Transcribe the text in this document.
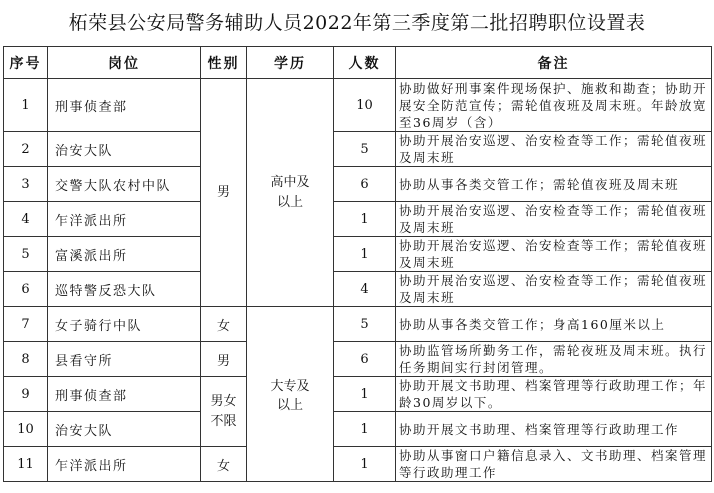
柘荣县公安局警务辅助人员2022年第三季度第二批招聘职位设置表
序号	岗位	性别	学历	人数	备注
1	刑事侦查部	男	高中及以上	10	协助做好刑事案件现场保护、施救和勘查；协助开展安全防范宣传；需轮值夜班及周末班。年龄放宽至36周岁（含）
2	治安大队			5	协助开展治安巡逻、治安检查等工作；需轮值夜班及周末班
3	交警大队农村中队			6	协助从事各类交管工作；需轮值夜班及周末班
4	乍洋派出所			1	协助开展治安巡逻、治安检查等工作；需轮值夜班及周末班
5	富溪派出所			1	协助开展治安巡逻、治安检查等工作；需轮值夜班及周末班
6	巡特警反恐大队			4	协助开展治安巡逻、治安检查等工作；需轮值夜班及周末班
7	女子骑行中队	女	大专及以上	5	协助从事各类交管工作；身高160厘米以上
8	县看守所	男		6	协助监管场所勤务工作，需轮夜班及周末班。执行任务期间实行封闭管理。
9	刑事侦查部	男女不限		1	协助开展文书助理、档案管理等行政助理工作；年龄30周岁以下。
10	治安大队			1	协助开展文书助理、档案管理等行政助理工作
11	乍洋派出所	女		1	协助从事窗口户籍信息录入、文书助理、档案管理等行政助理工作
